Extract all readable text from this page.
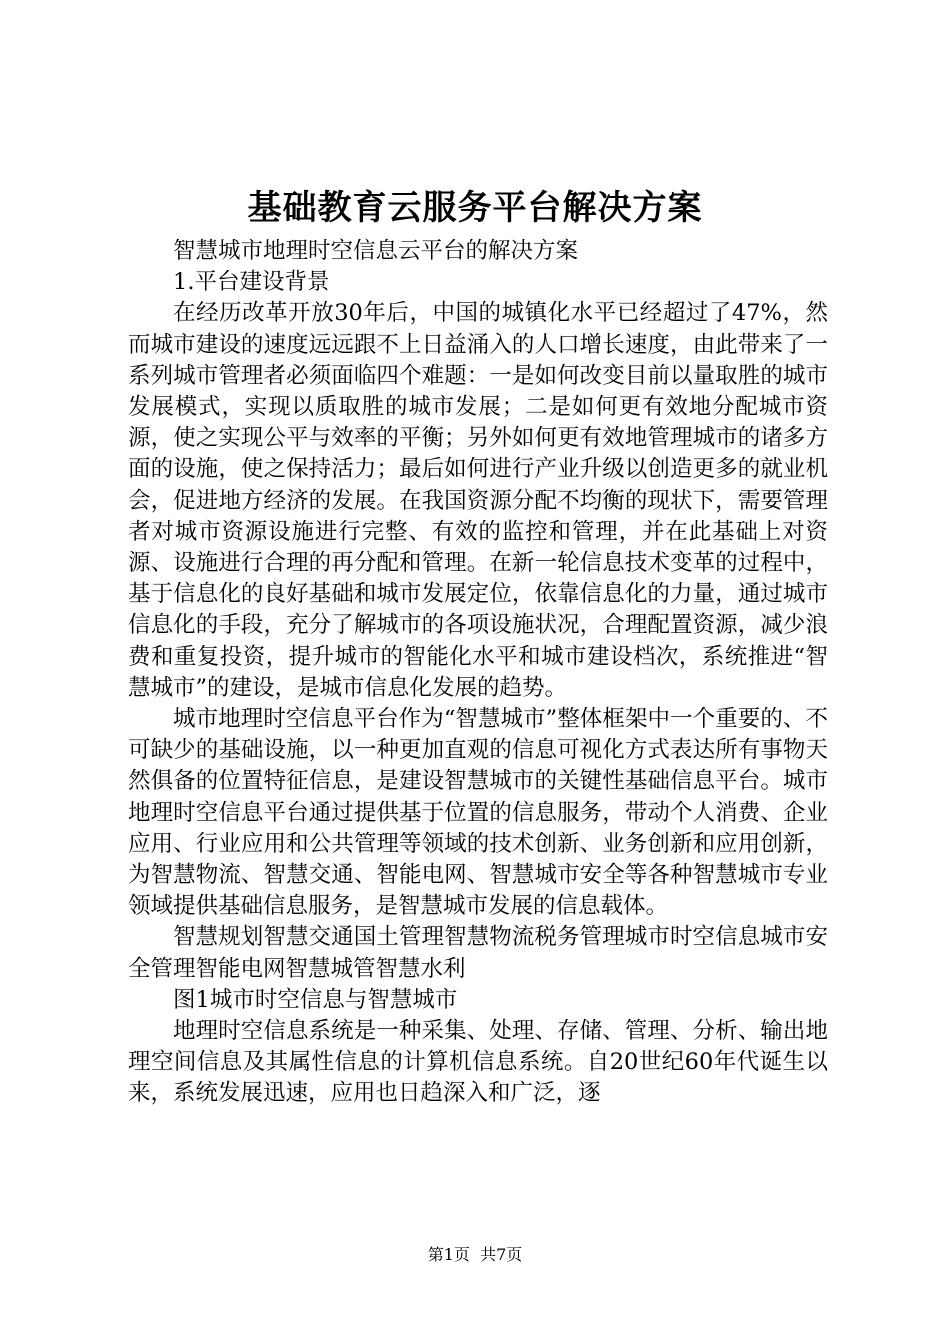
基础教育云服务平台解决方案

智慧城市地理时空信息云平台的解决方案

1.平台建设背景

在经历改革开放30年后，中国的城镇化水平已经超过了47%，然而城市建设的速度远远跟不上日益涌入的人口增长速度，由此带来了一系列城市管理者必须面临四个难题：一是如何改变目前以量取胜的城市发展模式，实现以质取胜的城市发展；二是如何更有效地分配城市资源，使之实现公平与效率的平衡；另外如何更有效地管理城市的诸多方面的设施，使之保持活力；最后如何进行产业升级以创造更多的就业机会，促进地方经济的发展。在我国资源分配不均衡的现状下，需要管理者对城市资源设施进行完整、有效的监控和管理，并在此基础上对资源、设施进行合理的再分配和管理。在新一轮信息技术变革的过程中，基于信息化的良好基础和城市发展定位，依靠信息化的力量，通过城市信息化的手段，充分了解城市的各项设施状况，合理配置资源，减少浪费和重复投资，提升城市的智能化水平和城市建设档次，系统推进“智慧城市”的建设，是城市信息化发展的趋势。

城市地理时空信息平台作为“智慧城市”整体框架中一个重要的、不可缺少的基础设施，以一种更加直观的信息可视化方式表达所有事物天然俱备的位置特征信息，是建设智慧城市的关键性基础信息平台。城市地理时空信息平台通过提供基于位置的信息服务，带动个人消费、企业应用、行业应用和公共管理等领域的技术创新、业务创新和应用创新，为智慧物流、智慧交通、智能电网、智慧城市安全等各种智慧城市专业领域提供基础信息服务，是智慧城市发展的信息载体。

智慧规划智慧交通国土管理智慧物流税务管理城市时空信息城市安全管理智能电网智慧城管智慧水利

图1城市时空信息与智慧城市

地理时空信息系统是一种采集、处理、存储、管理、分析、输出地理空间信息及其属性信息的计算机信息系统。自20世纪60年代诞生以来，系统发展迅速，应用也日趋深入和广泛，逐

第1页 共7页
